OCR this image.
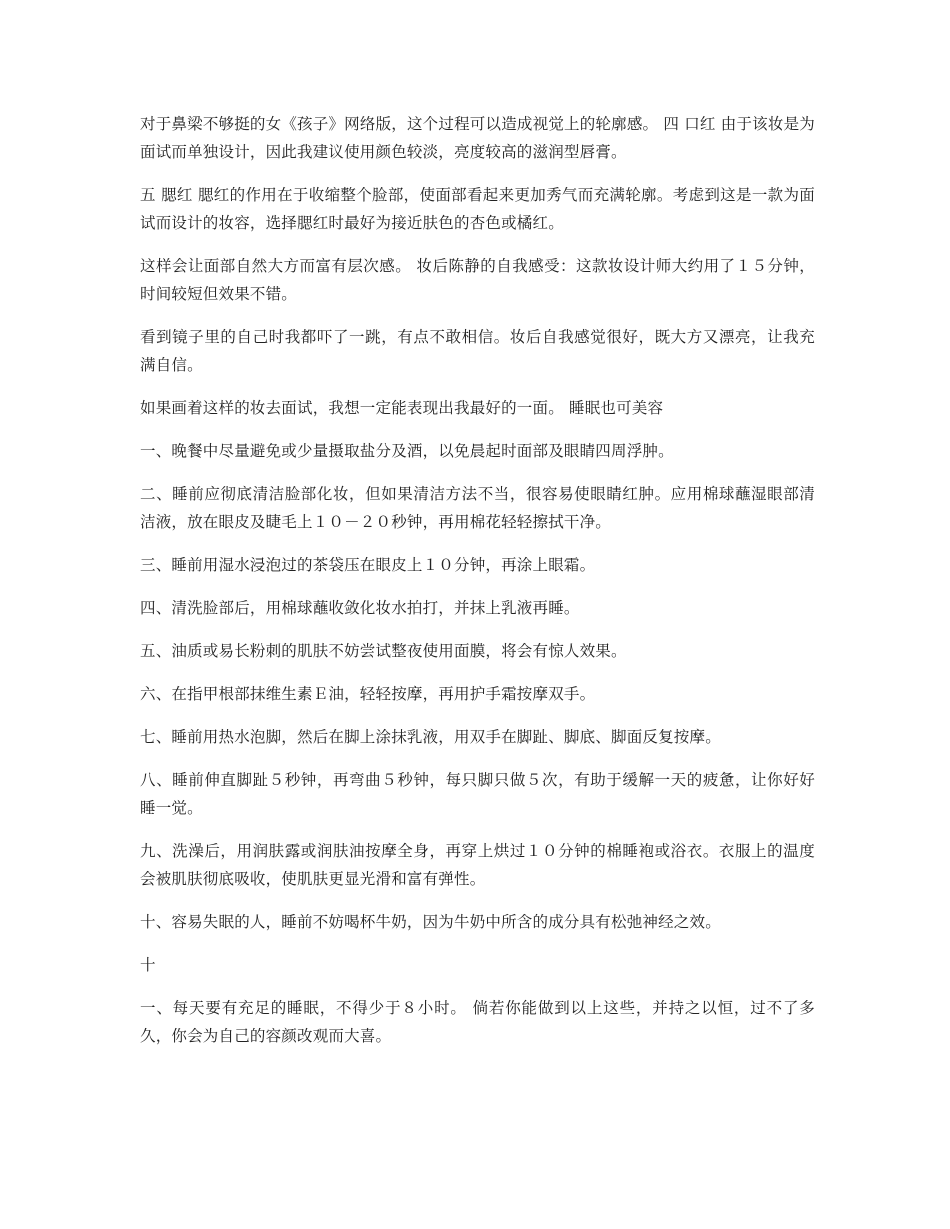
对于鼻梁不够挺的女《孩子》网络版，这个过程可以造成视觉上的轮廓感。 四 口红 由于该妆是为面试而单独设计，因此我建议使用颜色较淡，亮度较高的滋润型唇膏。

五 腮红 腮红的作用在于收缩整个脸部，使面部看起来更加秀气而充满轮廓。考虑到这是一款为面试而设计的妆容，选择腮红时最好为接近肤色的杏色或橘红。

这样会让面部自然大方而富有层次感。 妆后陈静的自我感受：这款妆设计师大约用了１５分钟，时间较短但效果不错。

看到镜子里的自己时我都吓了一跳，有点不敢相信。妆后自我感觉很好，既大方又漂亮，让我充满自信。

如果画着这样的妆去面试，我想一定能表现出我最好的一面。 睡眠也可美容

一、晚餐中尽量避免或少量摄取盐分及酒，以免晨起时面部及眼睛四周浮肿。

二、睡前应彻底清洁脸部化妆，但如果清洁方法不当，很容易使眼睛红肿。应用棉球蘸湿眼部清洁液，放在眼皮及睫毛上１０－２０秒钟，再用棉花轻轻擦拭干净。

三、睡前用湿水浸泡过的茶袋压在眼皮上１０分钟，再涂上眼霜。

四、清洗脸部后，用棉球蘸收敛化妆水拍打，并抹上乳液再睡。

五、油质或易长粉刺的肌肤不妨尝试整夜使用面膜，将会有惊人效果。

六、在指甲根部抹维生素Ｅ油，轻轻按摩，再用护手霜按摩双手。

七、睡前用热水泡脚，然后在脚上涂抹乳液，用双手在脚趾、脚底、脚面反复按摩。

八、睡前伸直脚趾５秒钟，再弯曲５秒钟，每只脚只做５次，有助于缓解一天的疲惫，让你好好睡一觉。

九、洗澡后，用润肤露或润肤油按摩全身，再穿上烘过１０分钟的棉睡袍或浴衣。衣服上的温度会被肌肤彻底吸收，使肌肤更显光滑和富有弹性。

十、容易失眠的人，睡前不妨喝杯牛奶，因为牛奶中所含的成分具有松弛神经之效。

十

一、每天要有充足的睡眠，不得少于８小时。 倘若你能做到以上这些，并持之以恒，过不了多久，你会为自己的容颜改观而大喜。
